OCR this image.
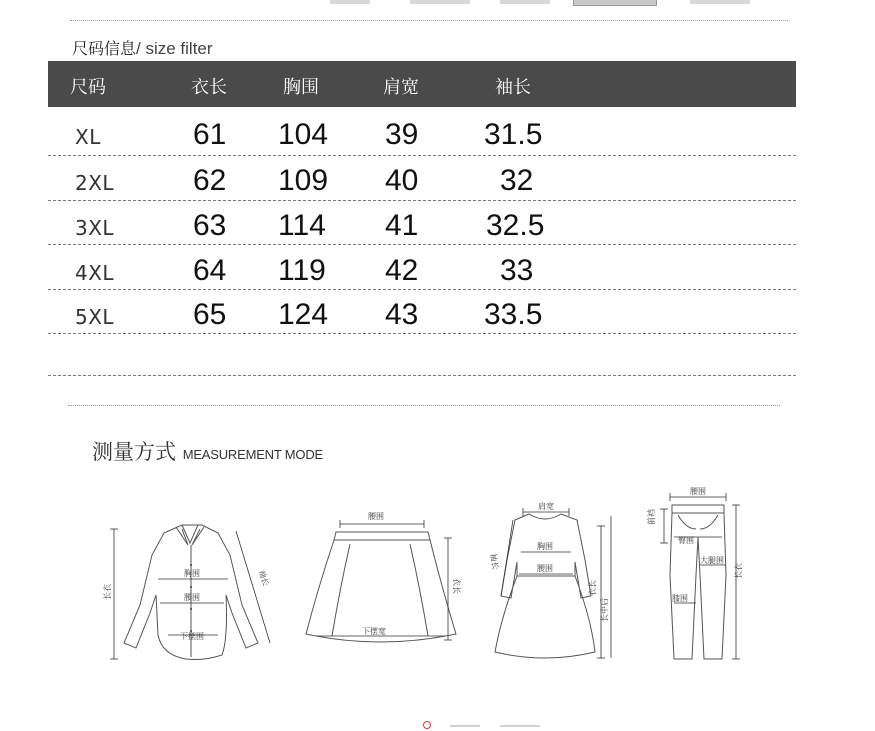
尺码信息/ size filter
尺码	衣长	胸围	肩宽	袖长
XL	61 104 39 31.5
2XL	62 109 40	32
3XL	63 114 41 32.5
4XL	64 119 42	33
5XL	65 124 43 33.5
测量方式 MEASUREMENT MODE
长衣
袖长
胸围
腰围
下摆围
腰围
下摆宽
衣长
肩宽
胸围
腰围
袖长
衣长
长中后
腰围
前裆
臀围
大腿围
膝围
长衣
